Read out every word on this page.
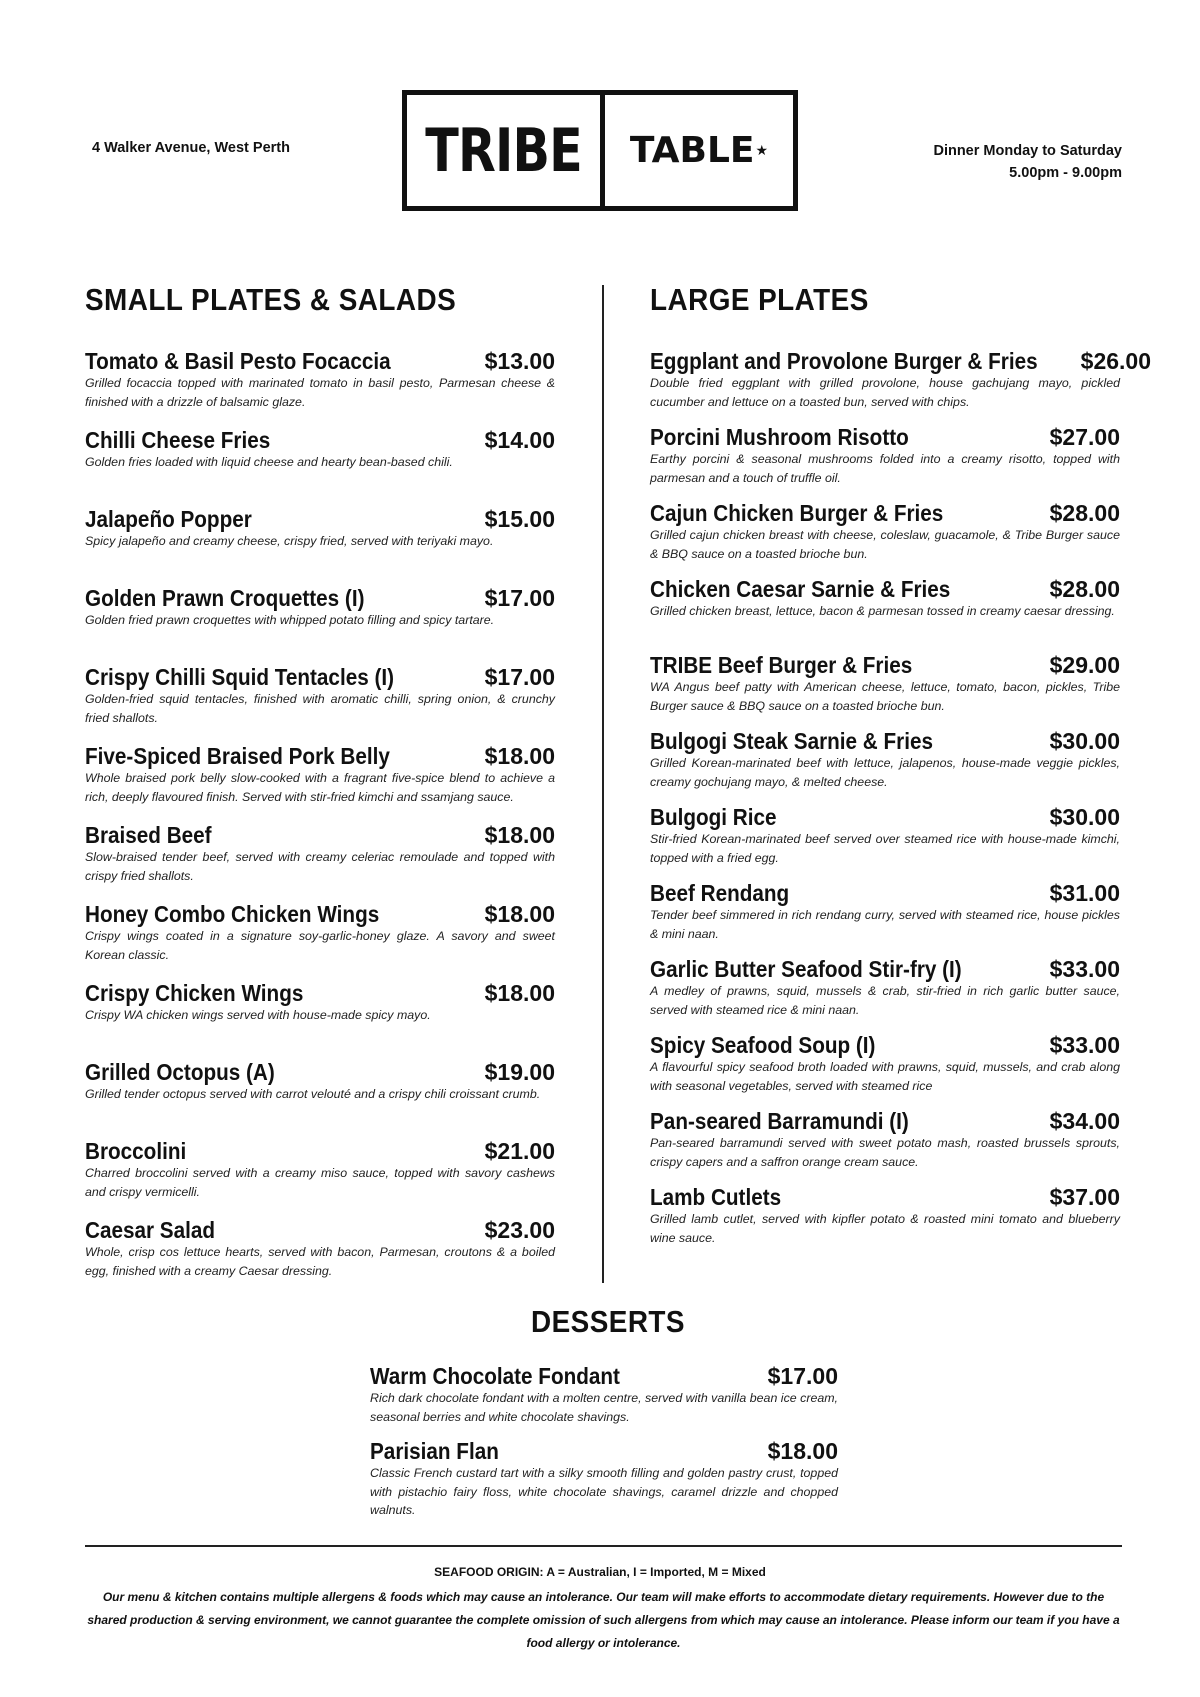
4 Walker Avenue, West Perth TRIBE TABLE ★	Dinner Monday to Saturday
5.00pm - 9.00pm
SMALL PLATES & SALADS	LARGE PLATES
Tomato & Basil Pesto Focaccia	$13.00
Grilled focaccia topped with marinated tomato in basil pesto, Parmesan cheese & finished with a drizzle of balsamic glaze.
Chilli Cheese Fries	$14.00
Golden fries loaded with liquid cheese and hearty bean-based chili.
Jalapeño Popper	$15.00
Spicy jalapeño and creamy cheese, crispy fried, served with teriyaki mayo.
Golden Prawn Croquettes (I)	$17.00
Golden fried prawn croquettes with whipped potato filling and spicy tartare.
Crispy Chilli Squid Tentacles (I)	$17.00
Golden-fried squid tentacles, finished with aromatic chilli, spring onion, & crunchy fried shallots.
Five-Spiced Braised Pork Belly	$18.00
Whole braised pork belly slow-cooked with a fragrant five-spice blend to achieve a rich, deeply flavoured finish. Served with stir-fried kimchi and ssamjang sauce.
Braised Beef	$18.00
Slow-braised tender beef, served with creamy celeriac remoulade and topped with crispy fried shallots.
Honey Combo Chicken Wings	$18.00
Crispy wings coated in a signature soy-garlic-honey glaze. A savory and sweet Korean classic.
Crispy Chicken Wings	$18.00
Crispy WA chicken wings served with house-made spicy mayo.
Grilled Octopus (A)	$19.00
Grilled tender octopus served with carrot velouté and a crispy chili croissant crumb.
Broccolini	$21.00
Charred broccolini served with a creamy miso sauce, topped with savory cashews and crispy vermicelli.
Caesar Salad	$23.00
Whole, crisp cos lettuce hearts, served with bacon, Parmesan, croutons & a boiled egg, finished with a creamy Caesar dressing.
Eggplant and Provolone Burger & Fries $26.00
Double fried eggplant with grilled provolone, house gachujang mayo, pickled cucumber and lettuce on a toasted bun, served with chips.
Porcini Mushroom Risotto	$27.00
Earthy porcini & seasonal mushrooms folded into a creamy risotto, topped with parmesan and a touch of truffle oil.
Cajun Chicken Burger & Fries	$28.00
Grilled cajun chicken breast with cheese, coleslaw, guacamole, & Tribe Burger sauce & BBQ sauce on a toasted brioche bun.
Chicken Caesar Sarnie & Fries	$28.00
Grilled chicken breast, lettuce, bacon & parmesan tossed in creamy caesar dressing.
TRIBE Beef Burger & Fries	$29.00
WA Angus beef patty with American cheese, lettuce, tomato, bacon, pickles, Tribe Burger sauce & BBQ sauce on a toasted brioche bun.
Bulgogi Steak Sarnie & Fries	$30.00
Grilled Korean-marinated beef with lettuce, jalapenos, house-made veggie pickles, creamy gochujang mayo, & melted cheese.
Bulgogi Rice	$30.00
Stir-fried Korean-marinated beef served over steamed rice with house-made kimchi, topped with a fried egg.
Beef Rendang	$31.00
Tender beef simmered in rich rendang curry, served with steamed rice, house pickles & mini naan.
Garlic Butter Seafood Stir-fry (I)	$33.00
A medley of prawns, squid, mussels & crab, stir-fried in rich garlic butter sauce, served with steamed rice & mini naan.
Spicy Seafood Soup (I)	$33.00
A flavourful spicy seafood broth loaded with prawns, squid, mussels, and crab along with seasonal vegetables, served with steamed rice
Pan-seared Barramundi (I)	$34.00
Pan-seared barramundi served with sweet potato mash, roasted brussels sprouts, crispy capers and a saffron orange cream sauce.
Lamb Cutlets	$37.00
Grilled lamb cutlet, served with kipfler potato & roasted mini tomato and blueberry wine sauce.
DESSERTS
Warm Chocolate Fondant	$17.00
Rich dark chocolate fondant with a molten centre, served with vanilla bean ice cream, seasonal berries and white chocolate shavings.
Parisian Flan	$18.00
Classic French custard tart with a silky smooth filling and golden pastry crust, topped with pistachio fairy floss, white chocolate shavings, caramel drizzle and chopped walnuts.
SEAFOOD ORIGIN: A = Australian, I = Imported, M = Mixed
Our menu & kitchen contains multiple allergens & foods which may cause an intolerance. Our team will make efforts to accommodate dietary requirements. However due to the shared production & serving environment, we cannot guarantee the complete omission of such allergens from which may cause an intolerance. Please inform our team if you have a food allergy or intolerance.
